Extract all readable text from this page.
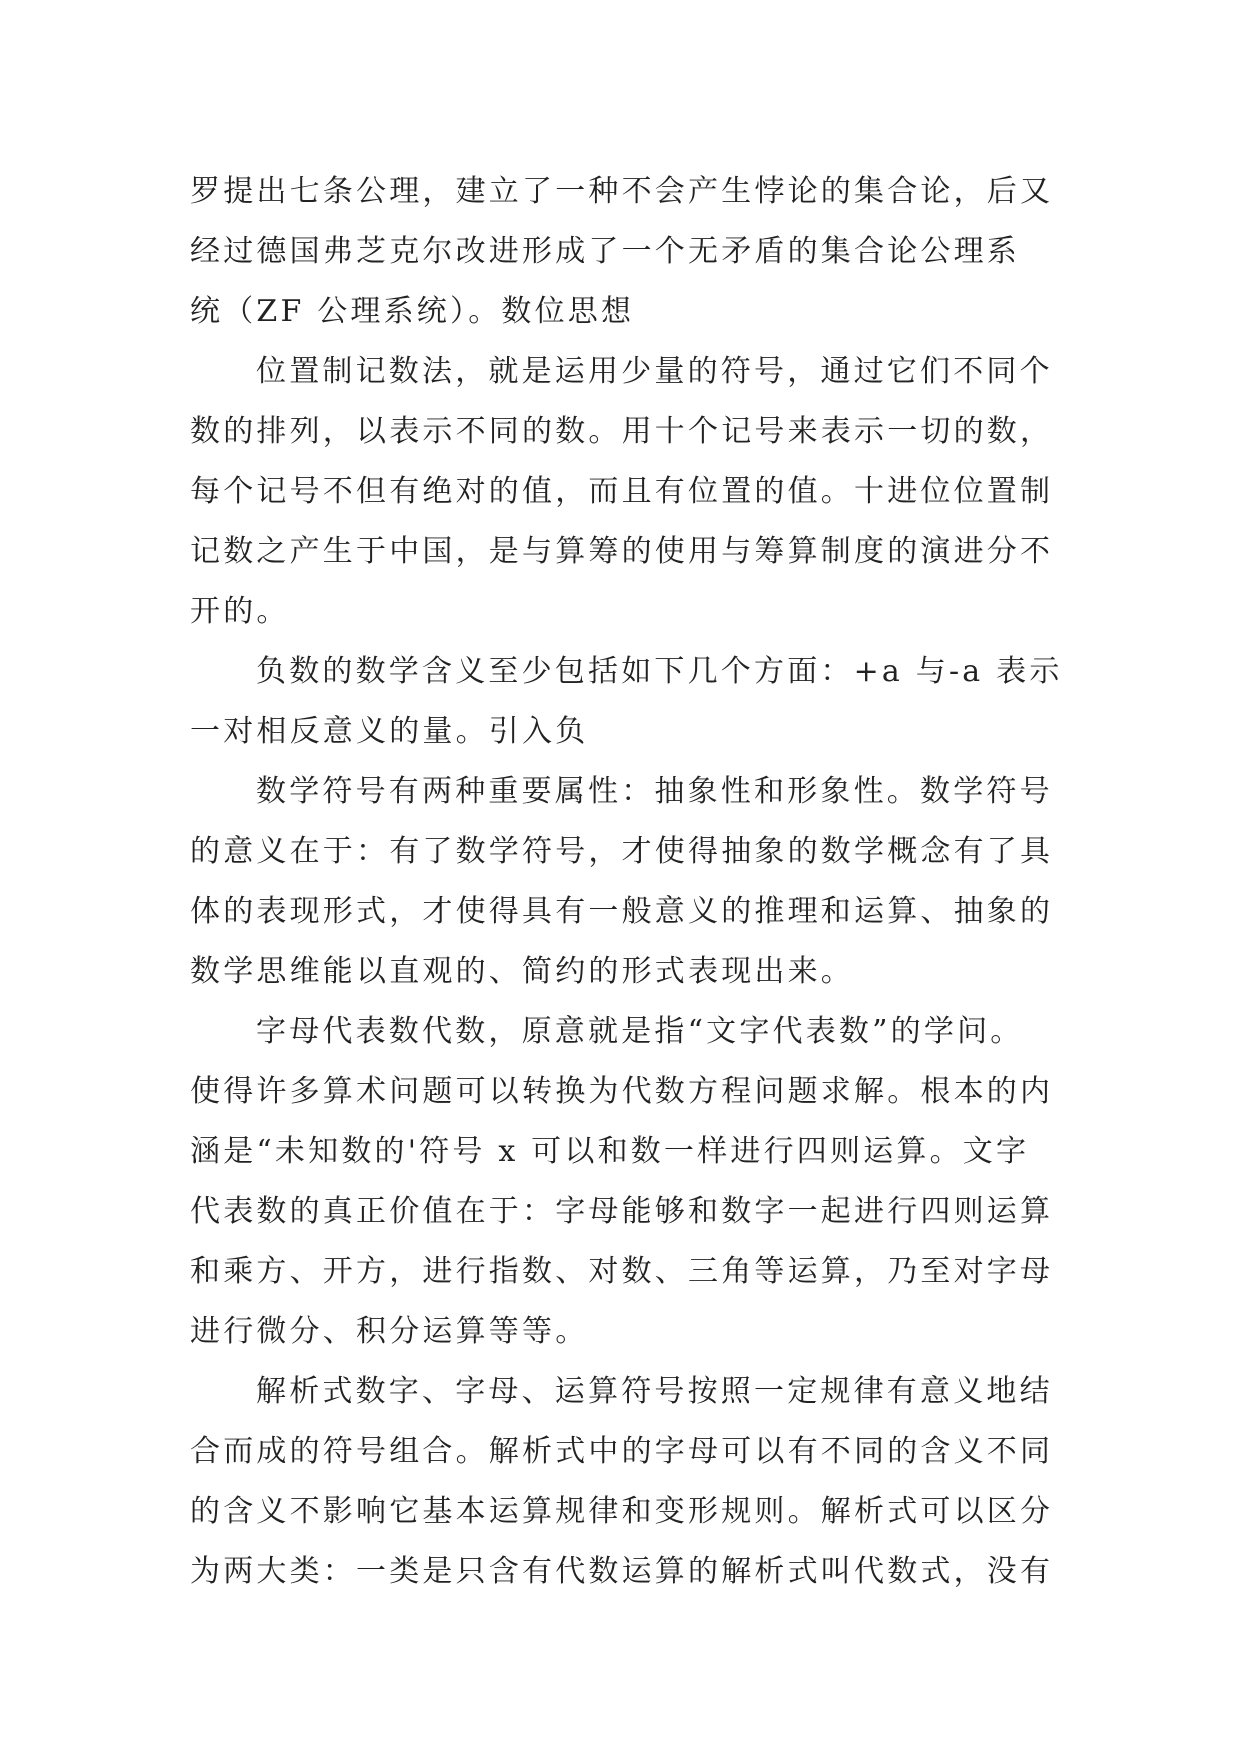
罗提出七条公理，建立了一种不会产生悖论的集合论，后又
经过德国弗芝克尔改进形成了一个无矛盾的集合论公理系
统（ZF 公理系统）。数位思想
位置制记数法，就是运用少量的符号，通过它们不同个
数的排列，以表示不同的数。用十个记号来表示一切的数，
每个记号不但有绝对的值，而且有位置的值。十进位位置制
记数之产生于中国，是与算筹的使用与筹算制度的演进分不
开的。
负数的数学含义至少包括如下几个方面：+a 与-a 表示
一对相反意义的量。引入负
数学符号有两种重要属性：抽象性和形象性。数学符号
的意义在于：有了数学符号，才使得抽象的数学概念有了具
体的表现形式，才使得具有一般意义的推理和运算、抽象的
数学思维能以直观的、简约的形式表现出来。
字母代表数代数，原意就是指“文字代表数”的学问。
使得许多算术问题可以转换为代数方程问题求解。根本的内
涵是“未知数的'符号 x 可以和数一样进行四则运算。文字
代表数的真正价值在于：字母能够和数字一起进行四则运算
和乘方、开方，进行指数、对数、三角等运算，乃至对字母
进行微分、积分运算等等。
解析式数字、字母、运算符号按照一定规律有意义地结
合而成的符号组合。解析式中的字母可以有不同的含义不同
的含义不影响它基本运算规律和变形规则。解析式可以区分
为两大类：一类是只含有代数运算的解析式叫代数式，没有
